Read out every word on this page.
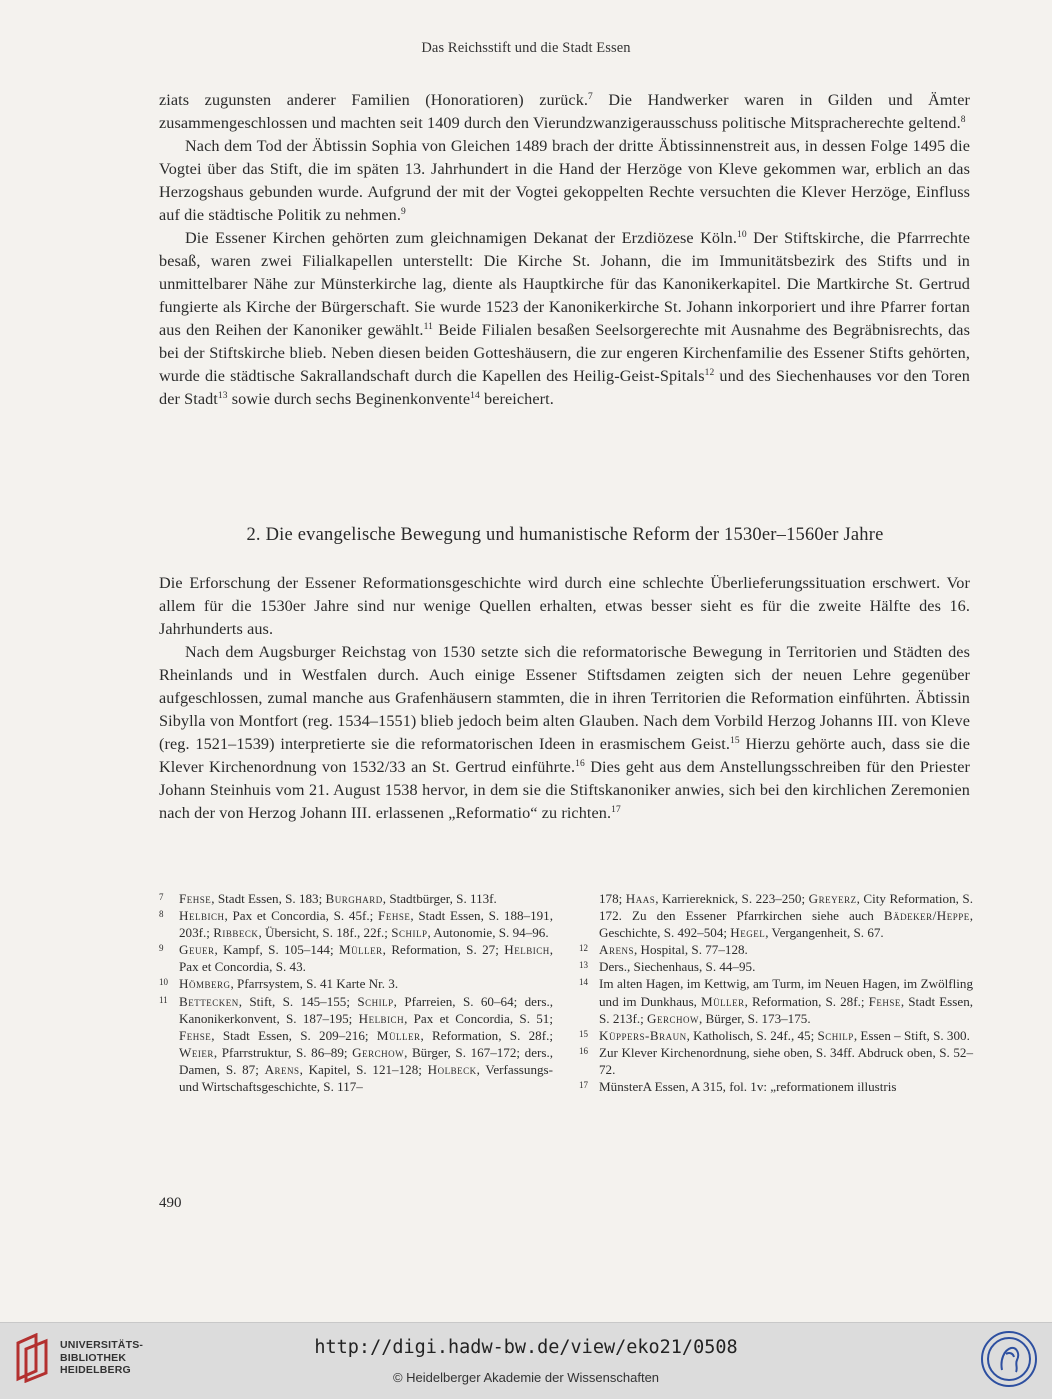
Das Reichsstift und die Stadt Essen

ziats zugunsten anderer Familien (Honoratioren) zurück.$^7$ Die Handwerker waren in Gilden und Ämter zusammengeschlossen und machten seit 1409 durch den Vierundzwanzigerausschuss politische Mitspracherechte geltend.$^8$

Nach dem Tod der Äbtissin Sophia von Gleichen 1489 brach der dritte Äbtissinnenstreit aus, in dessen Folge 1495 die Vogtei über das Stift, die im späten 13. Jahrhundert in die Hand der Herzöge von Kleve gekommen war, erblich an das Herzogshaus gebunden wurde. Aufgrund der mit der Vogtei gekoppelten Rechte versuchten die Klever Herzöge, Einfluss auf die städtische Politik zu nehmen.$^9$

Die Essener Kirchen gehörten zum gleichnamigen Dekanat der Erzdiözese Köln.$^{10}$ Der Stiftskirche, die Pfarrrechte besaß, waren zwei Filialkapellen unterstellt: Die Kirche St. Johann, die im Immunitätsbezirk des Stifts und in unmittelbarer Nähe zur Münsterkirche lag, diente als Hauptkirche für das Kanonikerkapitel. Die Martkirche St. Gertrud fungierte als Kirche der Bürgerschaft. Sie wurde 1523 der Kanonikerkirche St. Johann inkorporiert und ihre Pfarrer fortan aus den Reihen der Kanoniker gewählt.$^{11}$ Beide Filialen besaßen Seelsorgerechte mit Ausnahme des Begräbnisrechts, das bei der Stiftskirche blieb. Neben diesen beiden Gotteshäusern, die zur engeren Kirchenfamilie des Essener Stifts gehörten, wurde die städtische Sakrallandschaft durch die Kapellen des Heilig-Geist-Spitals$^{12}$ und des Siechenhauses vor den Toren der Stadt$^{13}$ sowie durch sechs Beginenkonvente$^{14}$ bereichert.

2. Die evangelische Bewegung und humanistische Reform der 1530er–1560er Jahre

Die Erforschung der Essener Reformationsgeschichte wird durch eine schlechte Überlieferungssituation erschwert. Vor allem für die 1530er Jahre sind nur wenige Quellen erhalten, etwas besser sieht es für die zweite Hälfte des 16. Jahrhunderts aus.

Nach dem Augsburger Reichstag von 1530 setzte sich die reformatorische Bewegung in Territorien und Städten des Rheinlands und in Westfalen durch. Auch einige Essener Stiftsdamen zeigten sich der neuen Lehre gegenüber aufgeschlossen, zumal manche aus Grafenhäusern stammten, die in ihren Territorien die Reformation einführten. Äbtissin Sibylla von Montfort (reg. 1534–1551) blieb jedoch beim alten Glauben. Nach dem Vorbild Herzog Johanns III. von Kleve (reg. 1521–1539) interpretierte sie die reformatorischen Ideen in erasmischem Geist.$^{15}$ Hierzu gehörte auch, dass sie die Klever Kirchenordnung von 1532/33 an St. Gertrud einführte.$^{16}$ Dies geht aus dem Anstellungsschreiben für den Priester Johann Steinhuis vom 21. August 1538 hervor, in dem sie die Stiftskanoniker anwies, sich bei den kirchlichen Zeremonien nach der von Herzog Johann III. erlassenen „Reformatio“ zu richten.$^{17}$

7 Fehse, Stadt Essen, S. 183; Burghard, Stadtbürger, S. 113f.
8 Helbich, Pax et Concordia, S. 45f.; Fehse, Stadt Essen, S. 188–191, 203f.; Ribbeck, Übersicht, S. 18f., 22f.; Schilp, Autonomie, S. 94–96.
9 Geuer, Kampf, S. 105–144; Müller, Reformation, S. 27; Helbich, Pax et Concordia, S. 43.
10 Hömberg, Pfarrsystem, S. 41 Karte Nr. 3.
11 Bettecken, Stift, S. 145–155; Schilp, Pfarreien, S. 60–64; ders., Kanonikerkonvent, S. 187–195; Helbich, Pax et Concordia, S. 51; Fehse, Stadt Essen, S. 209–216; Müller, Reformation, S. 28f.; Weier, Pfarrstruktur, S. 86–89; Gerchow, Bürger, S. 167–172; ders., Damen, S. 87; Arens, Kapitel, S. 121–128; Holbeck, Verfassungs- und Wirtschaftsgeschichte, S. 117–
178; Haas, Karriereknick, S. 223–250; Greyerz, City Reformation, S. 172. Zu den Essener Pfarrkirchen siehe auch Bädeker/Heppe, Geschichte, S. 492–504; Hegel, Vergangenheit, S. 67.
12 Arens, Hospital, S. 77–128.
13 Ders., Siechenhaus, S. 44–95.
14 Im alten Hagen, im Kettwig, am Turm, im Neuen Hagen, im Zwölfling und im Dunkhaus, Müller, Reformation, S. 28f.; Fehse, Stadt Essen, S. 213f.; Gerchow, Bürger, S. 173–175.
15 Küppers-Braun, Katholisch, S. 24f., 45; Schilp, Essen – Stift, S. 300.
16 Zur Klever Kirchenordnung, siehe oben, S. 34ff. Abdruck oben, S. 52–72.
17 MünsterA Essen, A 315, fol. 1v: „reformationem illustris
490
UNIVERSITÄTS-
BIBLIOTHEK
HEIDELBERG
http://digi.hadw-bw.de/view/eko21/0508
© Heidelberger Akademie der Wissenschaften
